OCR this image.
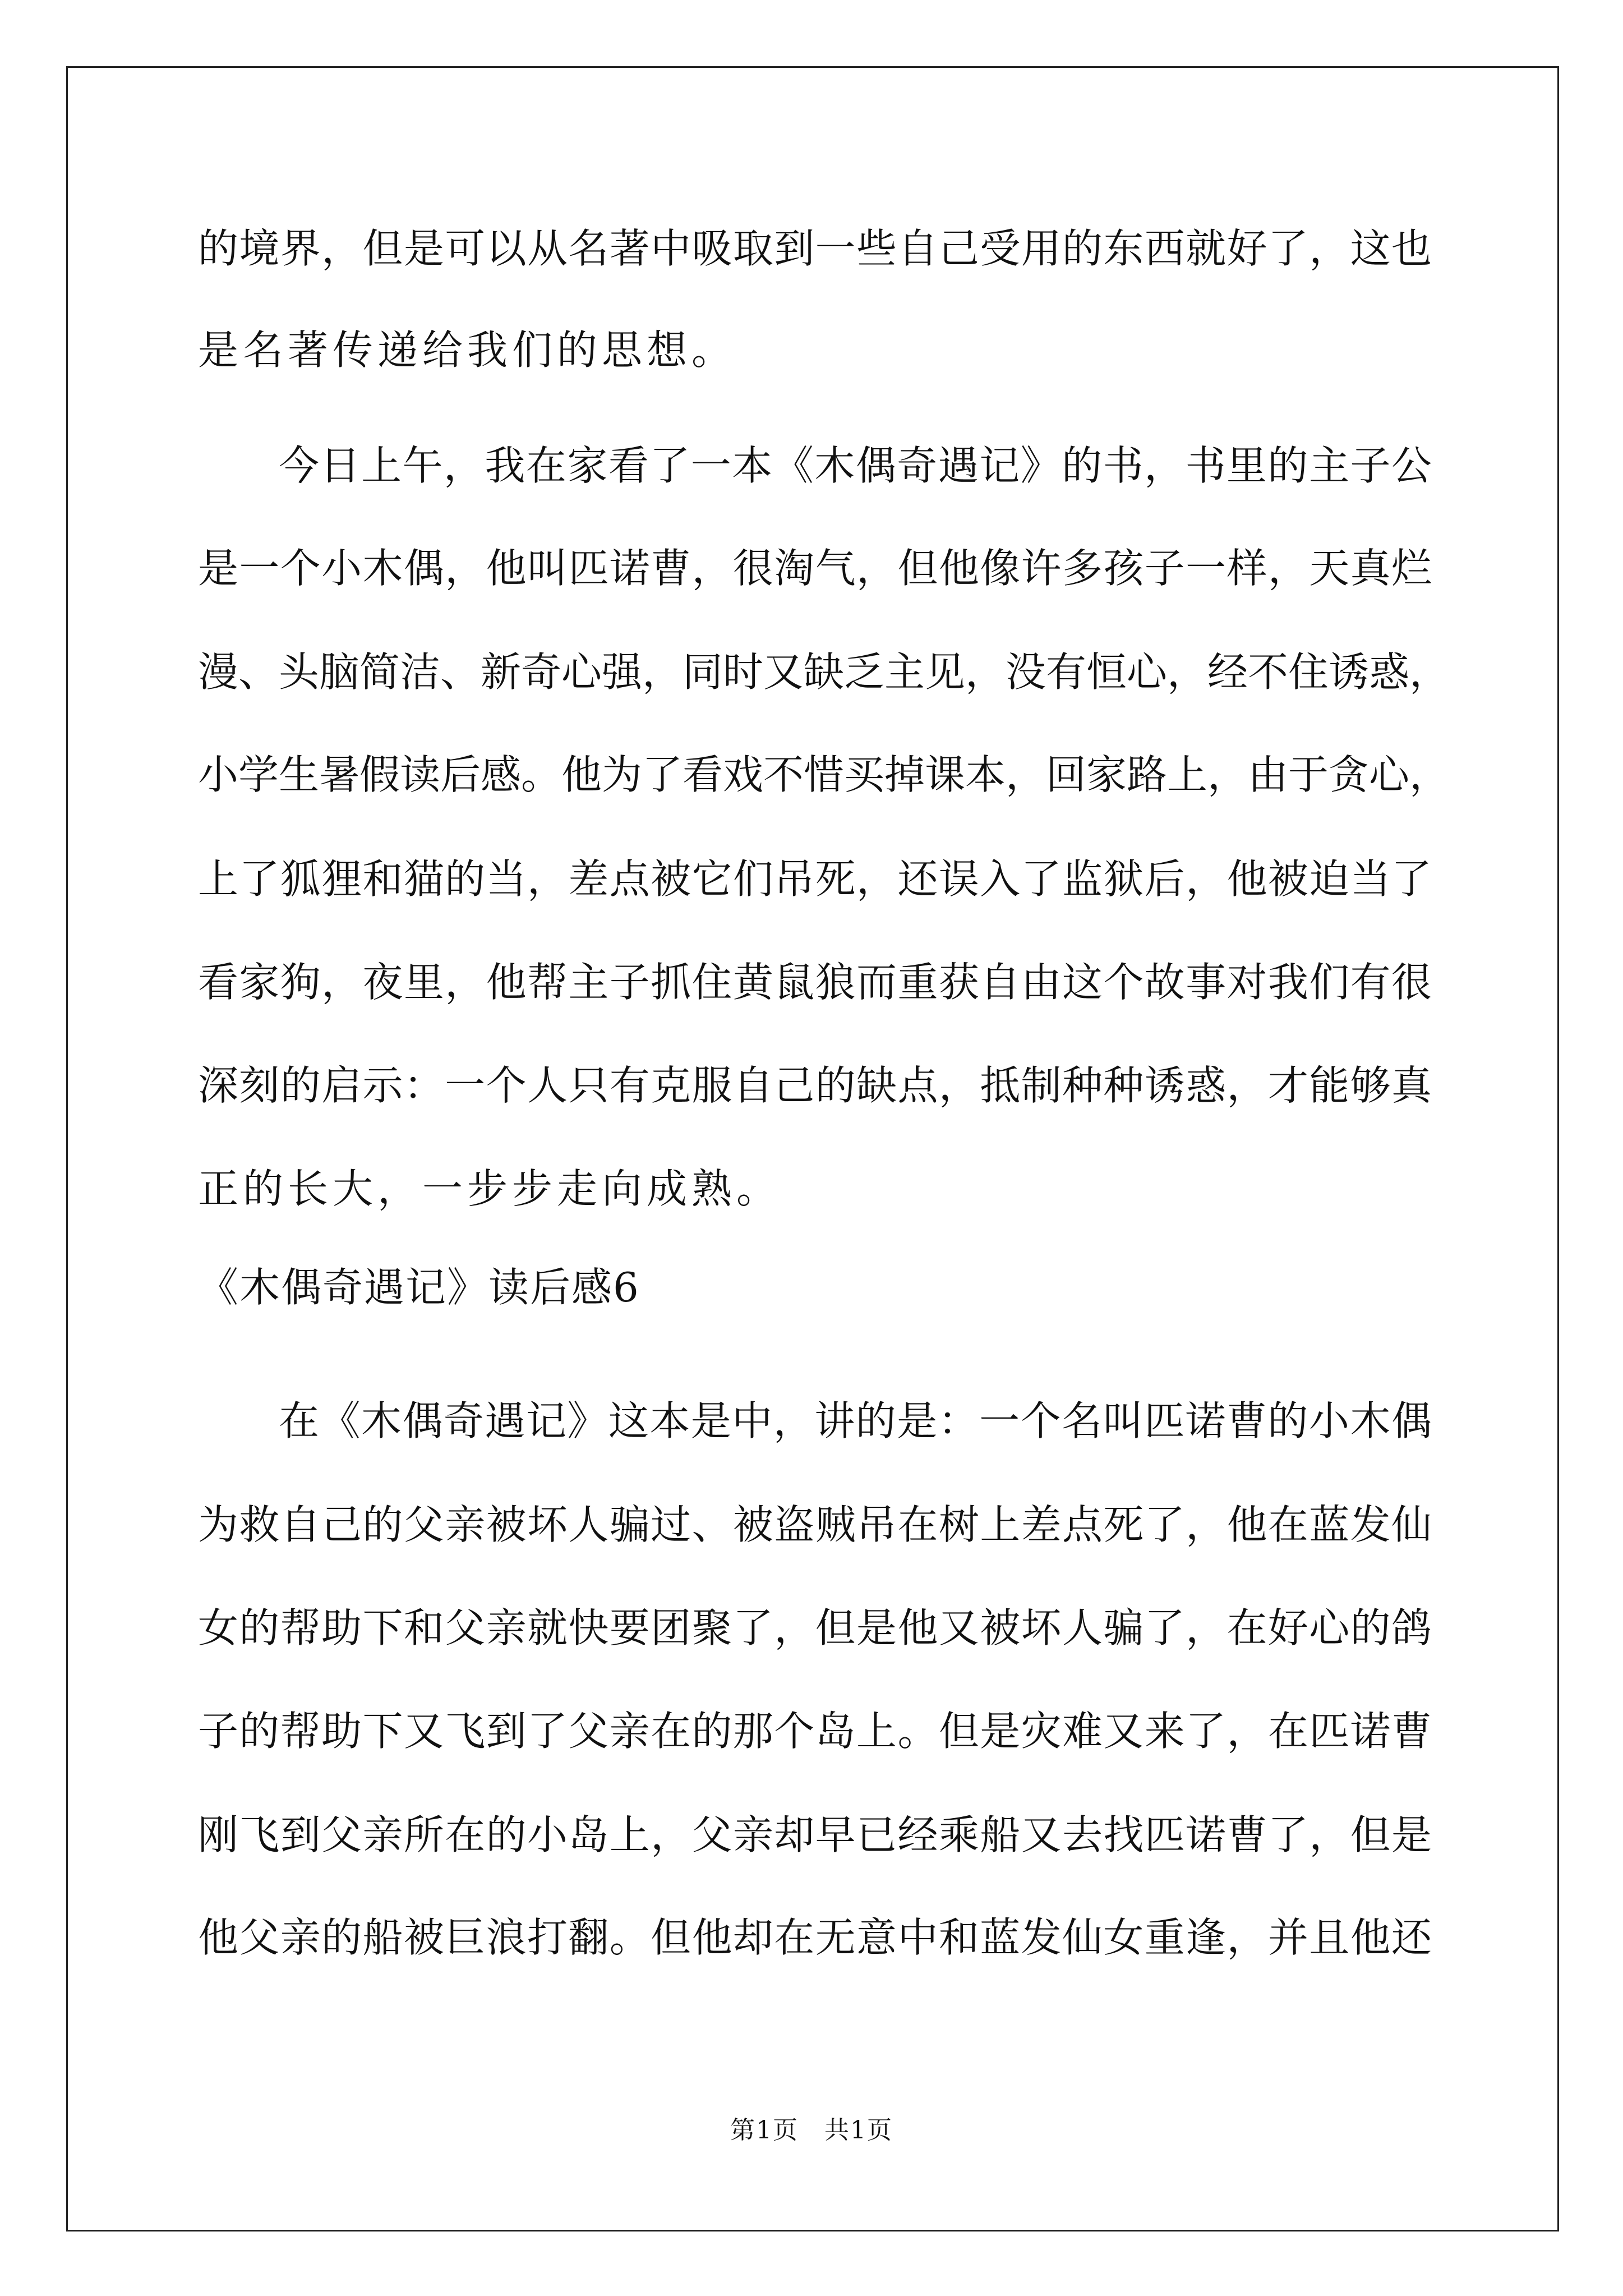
的境界，但是可以从名著中吸取到一些自己受用的东西就好了，这也
是名著传递给我们的思想。
今日上午，我在家看了一本《木偶奇遇记》的书，书里的主子公
是一个小木偶，他叫匹诺曹，很淘气，但他像许多孩子一样，天真烂
漫、头脑简洁、新奇心强，同时又缺乏主见，没有恒心，经不住诱惑，
小学生暑假读后感。他为了看戏不惜买掉课本，回家路上，由于贪心，
上了狐狸和猫的当，差点被它们吊死，还误入了监狱后，他被迫当了
看家狗，夜里，他帮主子抓住黄鼠狼而重获自由这个故事对我们有很
深刻的启示：一个人只有克服自己的缺点，抵制种种诱惑，才能够真
正的长大，一步步走向成熟。
《木偶奇遇记》读后感6
在《木偶奇遇记》这本是中，讲的是：一个名叫匹诺曹的小木偶
为救自己的父亲被坏人骗过、被盗贼吊在树上差点死了，他在蓝发仙
女的帮助下和父亲就快要团聚了，但是他又被坏人骗了，在好心的鸽
子的帮助下又飞到了父亲在的那个岛上。但是灾难又来了，在匹诺曹
刚飞到父亲所在的小岛上，父亲却早已经乘船又去找匹诺曹了，但是
他父亲的船被巨浪打翻。但他却在无意中和蓝发仙女重逢，并且他还
第1页　共1页
